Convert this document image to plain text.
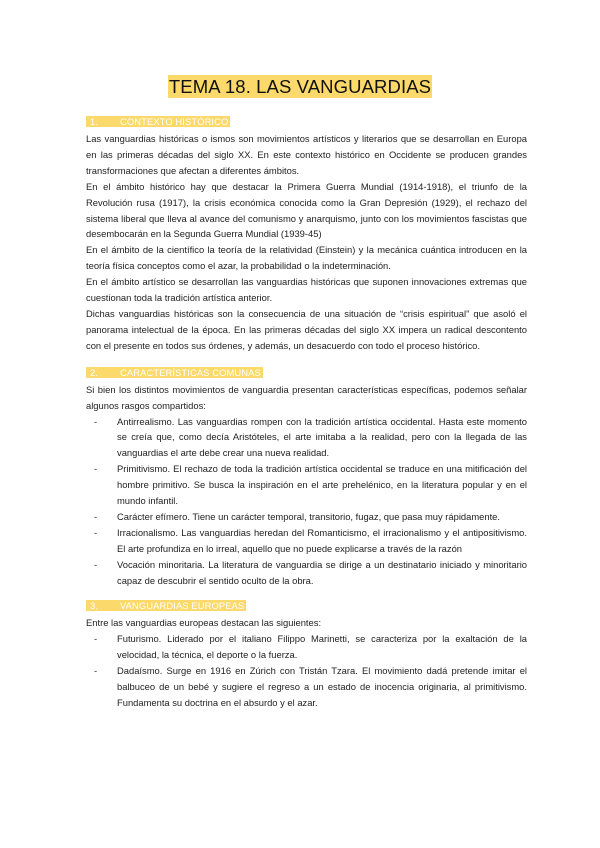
TEMA 18. LAS VANGUARDIAS
1. CONTEXTO HISTÓRICO

Las vanguardias históricas o ismos son movimientos artísticos y literarios que se desarrollan en Europa en las primeras décadas del siglo XX. En este contexto histórico en Occidente se producen grandes transformaciones que afectan a diferentes ámbitos.

En el ámbito histórico hay que destacar la Primera Guerra Mundial (1914-1918), el triunfo de la Revolución rusa (1917), la crisis económica conocida como la Gran Depresión (1929), el rechazo del sistema liberal que lleva al avance del comunismo y anarquismo, junto con los movimientos fascistas que desembocarán en la Segunda Guerra Mundial (1939-45)

En el ámbito de la científico la teoría de la relatividad (Einstein) y la mecánica cuántica introducen en la teoría física conceptos como el azar, la probabilidad o la indeterminación.

En el ámbito artístico se desarrollan las vanguardias históricas que suponen innovaciones extremas que cuestionan toda la tradición artística anterior.

Dichas vanguardias históricas son la consecuencia de una situación de “crisis espiritual” que asoló el panorama intelectual de la época. En las primeras décadas del siglo XX impera un radical descontento con el presente en todos sus órdenes, y además, un desacuerdo con todo el proceso histórico.

2. CARACTERÍSTICAS COMUNAS

Si bien los distintos movimientos de vanguardia presentan características específicas, podemos señalar algunos rasgos compartidos:

- Antirrealismo. Las vanguardias rompen con la tradición artística occidental. Hasta este momento se creía que, como decía Aristóteles, el arte imitaba a la realidad, pero con la llegada de las vanguardias el arte debe crear una nueva realidad.
- Primitivismo. El rechazo de toda la tradición artística occidental se traduce en una mitificación del hombre primitivo. Se busca la inspiración en el arte prehelénico, en la literatura popular y en el mundo infantil.
- Carácter efímero. Tiene un carácter temporal, transitorio, fugaz, que pasa muy rápidamente.
- Irracionalismo. Las vanguardias heredan del Romanticismo, el irracionalismo y el antipositivismo. El arte profundiza en lo irreal, aquello que no puede explicarse a través de la razón
- Vocación minoritaria. La literatura de vanguardia se dirige a un destinatario iniciado y minoritario capaz de descubrir el sentido oculto de la obra.
3. VANGUARDIAS EUROPEAS

Entre las vanguardias europeas destacan las siguientes:

- Futurismo. Liderado por el italiano Filippo Marinetti, se caracteriza por la exaltación de la velocidad, la técnica, el deporte o la fuerza.
- Dadaísmo. Surge en 1916 en Zúrich con Tristán Tzara. El movimiento dadá pretende imitar el balbuceo de un bebé y sugiere el regreso a un estado de inocencia originaria, al primitivismo. Fundamenta su doctrina en el absurdo y el azar.
